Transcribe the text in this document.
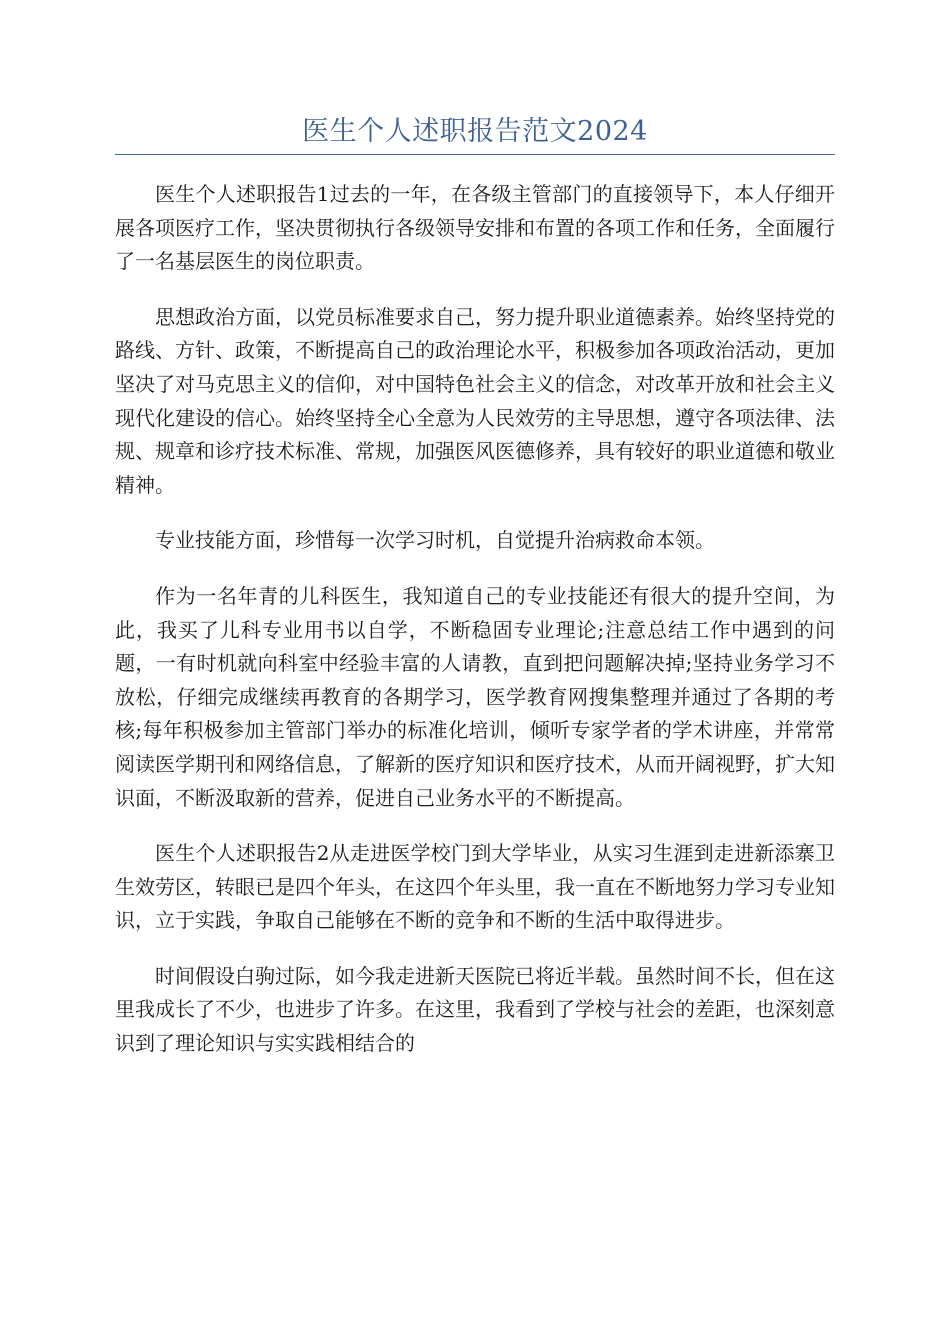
医生个人述职报告范文2024

医生个人述职报告1过去的一年，在各级主管部门的直接领导下，本人仔细开展各项医疗工作，坚决贯彻执行各级领导安排和布置的各项工作和任务，全面履行了一名基层医生的岗位职责。

思想政治方面，以党员标准要求自己，努力提升职业道德素养。始终坚持党的路线、方针、政策，不断提高自己的政治理论水平，积极参加各项政治活动，更加坚决了对马克思主义的信仰，对中国特色社会主义的信念，对改革开放和社会主义现代化建设的信心。始终坚持全心全意为人民效劳的主导思想，遵守各项法律、法规、规章和诊疗技术标准、常规，加强医风医德修养，具有较好的职业道德和敬业精神。

专业技能方面，珍惜每一次学习时机，自觉提升治病救命本领。

作为一名年青的儿科医生，我知道自己的专业技能还有很大的提升空间，为此，我买了儿科专业用书以自学，不断稳固专业理论;注意总结工作中遇到的问题，一有时机就向科室中经验丰富的人请教，直到把问题解决掉;坚持业务学习不放松，仔细完成继续再教育的各期学习，医学教育网搜集整理并通过了各期的考核;每年积极参加主管部门举办的标准化培训，倾听专家学者的学术讲座，并常常阅读医学期刊和网络信息，了解新的医疗知识和医疗技术，从而开阔视野，扩大知识面，不断汲取新的营养，促进自己业务水平的不断提高。

医生个人述职报告2从走进医学校门到大学毕业，从实习生涯到走进新添寨卫生效劳区，转眼已是四个年头，在这四个年头里，我一直在不断地努力学习专业知识，立于实践，争取自己能够在不断的竞争和不断的生活中取得进步。

时间假设白驹过际，如今我走进新天医院已将近半载。虽然时间不长，但在这里我成长了不少，也进步了许多。在这里，我看到了学校与社会的差距，也深刻意识到了理论知识与实实践相结合的
